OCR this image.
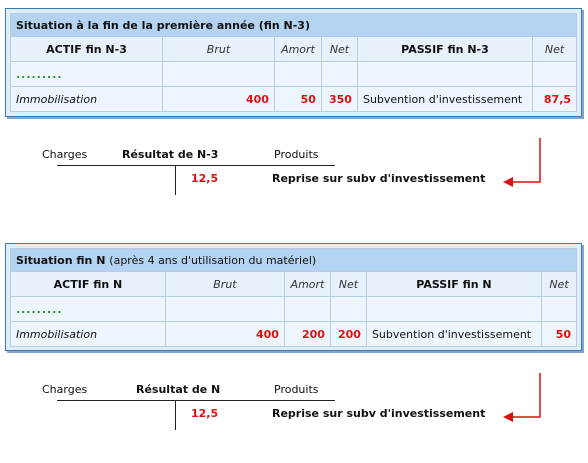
Situation à la fin de la première année (fin N-3)					
ACTIF fin N-3	Brut	Amort	Net	PASSIF fin N-3	Net
.........					
Immobilisation	400	50	350	Subvention d'investissement	87,5
Charges	Résultat de N-3	Produits
12,5	Reprise sur subv d'investissement
Situation fin N (après 4 ans d'utilisation du matériel)					
ACTIF fin N	Brut	Amort	Net	PASSIF fin N	Net
.........					
Immobilisation	400	200	200	Subvention d'investissement	50
Charges	Résultat de N	Produits
12,5	Reprise sur subv d'investissement
